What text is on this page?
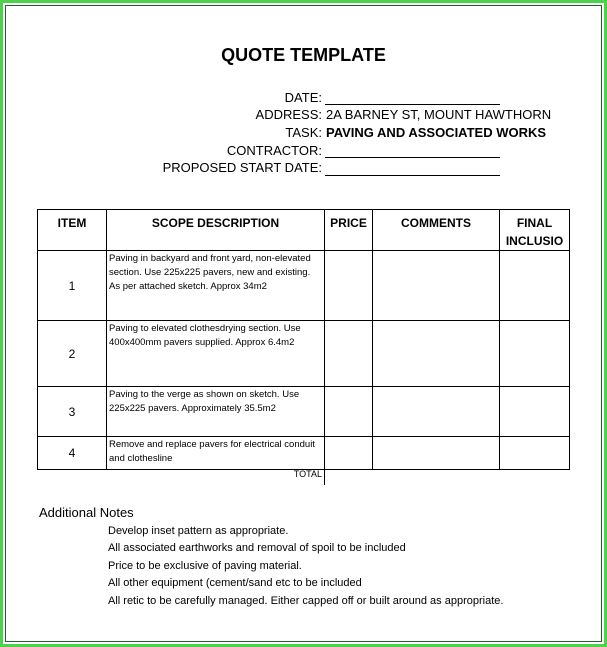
QUOTE TEMPLATE
DATE:
ADDRESS: 2A BARNEY ST, MOUNT HAWTHORN
TASK: PAVING AND ASSOCIATED WORKS
CONTRACTOR:
PROPOSED START DATE:
ITEM	SCOPE DESCRIPTION	PRICE	COMMENTS	FINAL INCLUSIO
1	Paving in backyard and front yard, non-elevated section. Use 225x225 pavers, new and existing. As per attached sketch. Approx 34m2			
2	Paving to elevated clothesdrying section. Use 400x400mm pavers supplied. Approx 6.4m2			
3	Paving to the verge as shown on sketch. Use 225x225 pavers. Approximately 35.5m2			
4	Remove and replace pavers for electrical conduit and clothesline			
TOTAL
Additional Notes
Develop inset pattern as appropriate.
All associated earthworks and removal of spoil to be included
Price to be exclusive of paving material.
All other equipment (cement/sand etc to be included
All retic to be carefully managed. Either capped off or built around as appropriate.
